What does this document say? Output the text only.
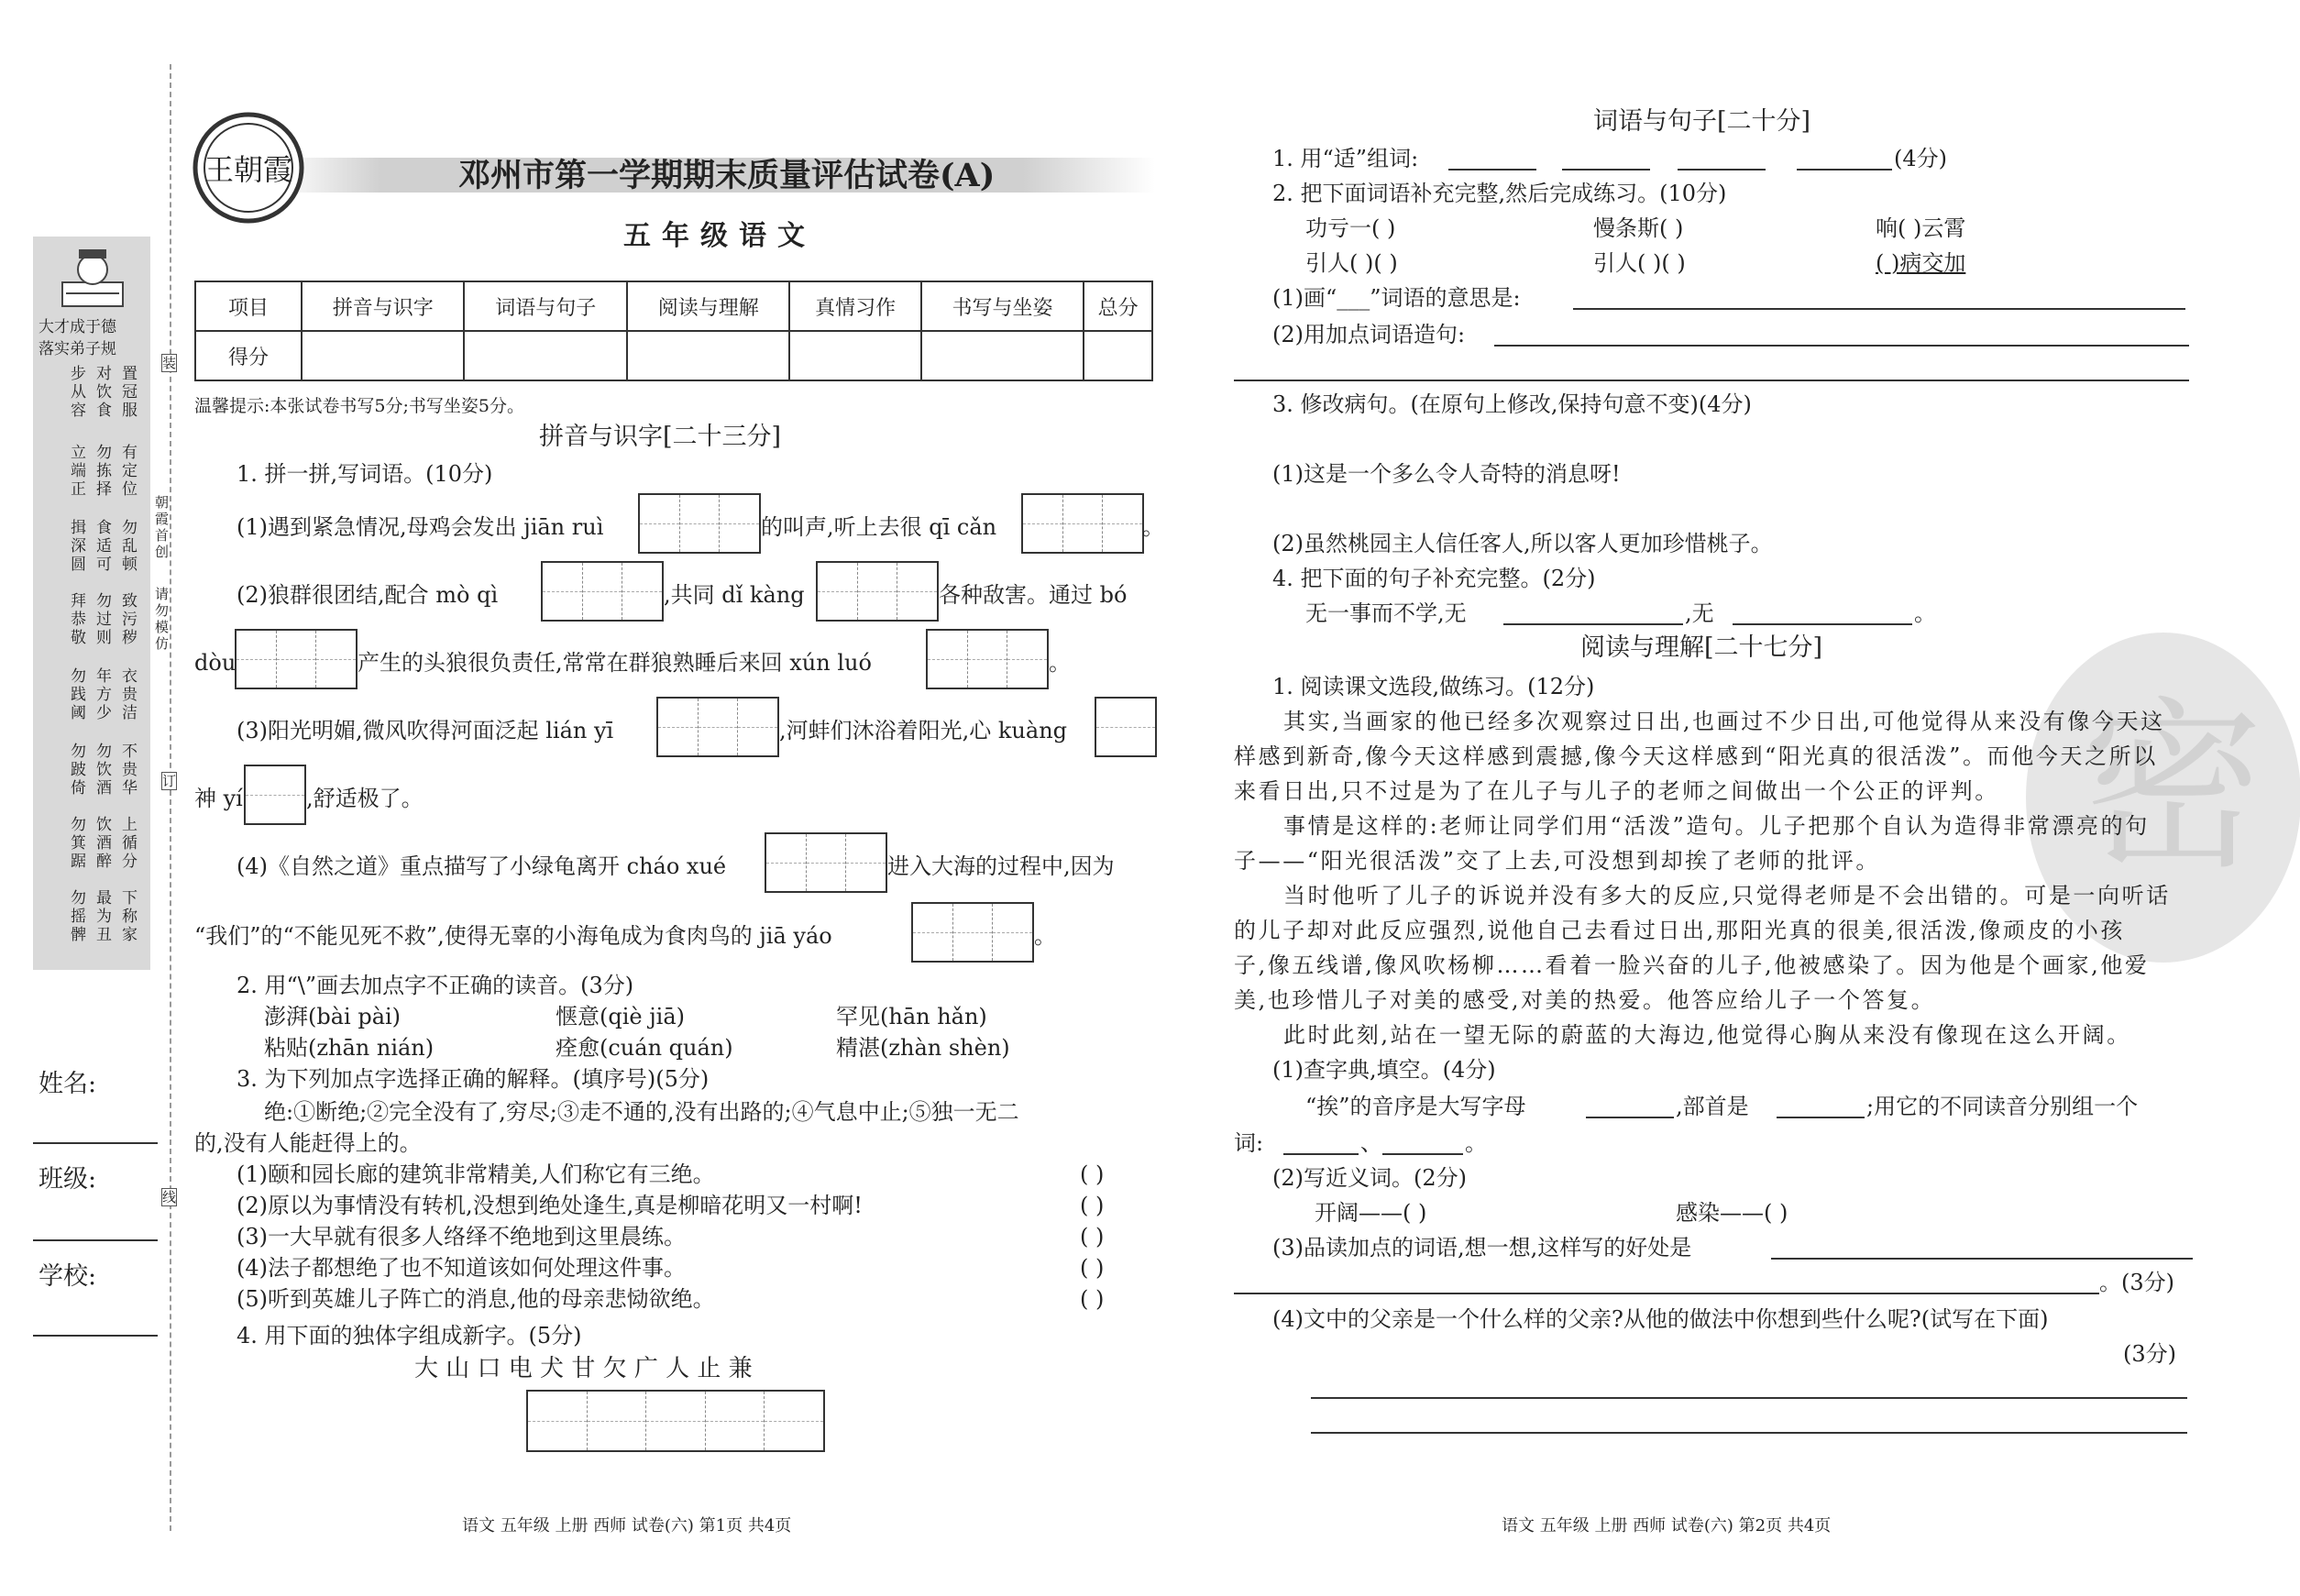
大才成于德
落实弟子规
置冠服
对饮食
步从容
有定位
勿拣择
立端正
勿乱顿
食适可
揖深圆
致污秽
勿过则
拜恭敬
衣贵洁
年方少
勿践阈
不贵华
勿饮酒
勿跛倚
上循分
饮酒醉
勿箕踞
下称家
最为丑
勿摇髀
朝霞首创
请勿模仿
装
订
线
姓名:
班级:
学校:
王朝霞	邓州市第一学期期末质量评估试卷(A)
五年级语文
项目	拼音与识字	词语与句子	阅读与理解	真情习作	书写与坐姿	总分
得分						
温馨提示:本张试卷书写5分;书写坐姿5分。
拼音与识字[二十三分]
1. 拼一拼,写词语。(10分)
(1)遇到紧急情况,母鸡会发出 jiān ruì	的叫声,听上去很 qī cǎn	。
(2)狼群很团结,配合 mò qì	,共同 dǐ kàng	各种敌害。通过 bó
dòu	产生的头狼很负责任,常常在群狼熟睡后来回 xún luó	。
(3)阳光明媚,微风吹得河面泛起 lián yī	,河蚌们沐浴着阳光,心 kuàng
神 yí	,舒适极了。
(4)《自然之道》重点描写了小绿龟离开 cháo xué	进入大海的过程中,因为
“我们”的“不能见死不救”,使得无辜的小海龟成为食肉鸟的 jiā yáo	。
2. 用“\”画去加点字不正确的读音。(3分)
澎湃(bài pài)	惬意(qiè jiā)	罕见(hān hǎn)
粘贴(zhān nián)	痊愈(cuán quán)	精湛(zhàn shèn)
3. 为下列加点字选择正确的解释。(填序号)(5分)
绝:①断绝;②完全没有了,穷尽;③走不通的,没有出路的;④气息中止;⑤独一无二
的,没有人能赶得上的。
(1)颐和园长廊的建筑非常精美,人们称它有三绝。	( )
(2)原以为事情没有转机,没想到绝处逢生,真是柳暗花明又一村啊!	( )
(3)一大早就有很多人络绎不绝地到这里晨练。	( )
(4)法子都想绝了也不知道该如何处理这件事。	( )
(5)听到英雄儿子阵亡的消息,他的母亲悲恸欲绝。	( )
4. 用下面的独体字组成新字。(5分)
大 山 口 电 犬 甘 欠 广 人 止 兼
语文 五年级 上册 西师 试卷(六) 第1页 共4页
密
词语与句子[二十分]
1. 用“适”组词:	(4分)
2. 把下面词语补充完整,然后完成练习。(10分)
功亏一( )	慢条斯( )	响( )云霄
引人( )( )	引人( )( )	( )病交加
(1)画“___”词语的意思是:
(2)用加点词语造句:
3. 修改病句。(在原句上修改,保持句意不变)(4分)
(1)这是一个多么令人奇特的消息呀!
(2)虽然桃园主人信任客人,所以客人更加珍惜桃子。
4. 把下面的句子补充完整。(2分)
无一事而不学,无	,无	。
阅读与理解[二十七分]
1. 阅读课文选段,做练习。(12分)
其实,当画家的他已经多次观察过日出,也画过不少日出,可他觉得从来没有像今天这
样感到新奇,像今天这样感到震撼,像今天这样感到“阳光真的很活泼”。而他今天之所以
来看日出,只不过是为了在儿子与儿子的老师之间做出一个公正的评判。
事情是这样的:老师让同学们用“活泼”造句。儿子把那个自认为造得非常漂亮的句
子——“阳光很活泼”交了上去,可没想到却挨了老师的批评。
当时他听了儿子的诉说并没有多大的反应,只觉得老师是不会出错的。可是一向听话
的儿子却对此反应强烈,说他自己去看过日出,那阳光真的很美,很活泼,像顽皮的小孩
子,像五线谱,像风吹杨柳……看着一脸兴奋的儿子,他被感染了。因为他是个画家,他爱
美,也珍惜儿子对美的感受,对美的热爱。他答应给儿子一个答复。
此时此刻,站在一望无际的蔚蓝的大海边,他觉得心胸从来没有像现在这么开阔。
(1)查字典,填空。(4分)
“挨”的音序是大写字母	,部首是	;用它的不同读音分别组一个
词:	、	。
(2)写近义词。(2分)
开阔——( )	感染——( )
(3)品读加点的词语,想一想,这样写的好处是
。(3分)
(4)文中的父亲是一个什么样的父亲?从他的做法中你想到些什么呢?(试写在下面)
(3分)
语文 五年级 上册 西师 试卷(六) 第2页 共4页
